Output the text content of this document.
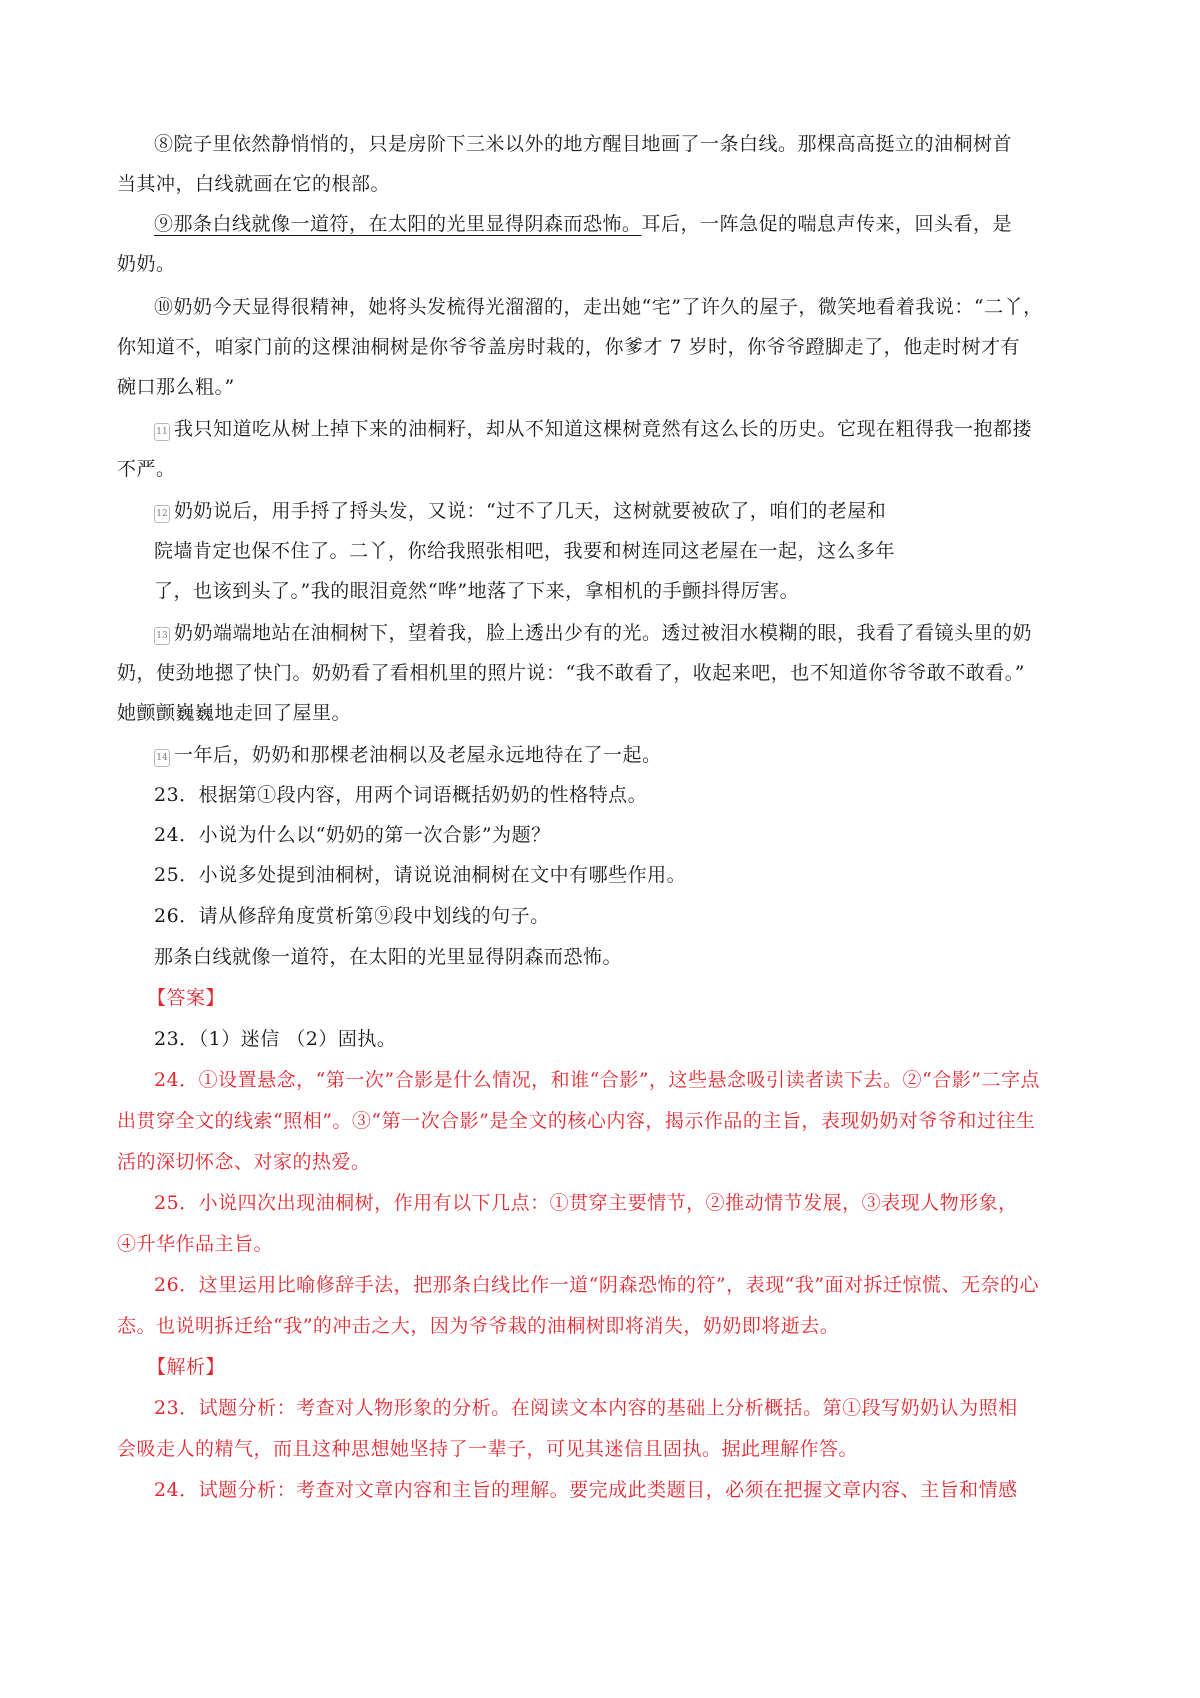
⑧院子里依然静悄悄的，只是房阶下三米以外的地方醒目地画了一条白线。那棵高高挺立的油桐树首
当其冲，白线就画在它的根部。
⑨那条白线就像一道符，在太阳的光里显得阴森而恐怖。耳后，一阵急促的喘息声传来，回头看，是
奶奶。
⑩奶奶今天显得很精神，她将头发梳得光溜溜的，走出她“宅”了许久的屋子，微笑地看着我说：“二丫，
你知道不，咱家门前的这棵油桐树是你爷爷盖房时栽的，你爹才 7 岁时，你爷爷蹬脚走了，他走时树才有
碗口那么粗。”
11 我只知道吃从树上掉下来的油桐籽，却从不知道这棵树竟然有这么长的历史。它现在粗得我一抱都搂
不严。
12 奶奶说后，用手捋了捋头发，又说：“过不了几天，这树就要被砍了，咱们的老屋和
院墙肯定也保不住了。二丫，你给我照张相吧，我要和树连同这老屋在一起，这么多年
了，也该到头了。”我的眼泪竟然“哗”地落了下来，拿相机的手颤抖得厉害。
13 奶奶端端地站在油桐树下，望着我，脸上透出少有的光。透过被泪水模糊的眼，我看了看镜头里的奶
奶，使劲地摁了快门。奶奶看了看相机里的照片说：“我不敢看了，收起来吧，也不知道你爷爷敢不敢看。”
她颤颤巍巍地走回了屋里。
14 一年后，奶奶和那棵老油桐以及老屋永远地待在了一起。
23．根据第①段内容，用两个词语概括奶奶的性格特点。
24．小说为什么以“奶奶的第一次合影”为题？
25．小说多处提到油桐树，请说说油桐树在文中有哪些作用。
26．请从修辞角度赏析第⑨段中划线的句子。
那条白线就像一道符，在太阳的光里显得阴森而恐怖。
【答案】
23．（1）迷信 （2）固执。
24．①设置悬念，“第一次”合影是什么情况，和谁“合影”，这些悬念吸引读者读下去。②“合影”二字点
出贯穿全文的线索“照相”。③“第一次合影”是全文的核心内容，揭示作品的主旨，表现奶奶对爷爷和过往生
活的深切怀念、对家的热爱。
25．小说四次出现油桐树，作用有以下几点：①贯穿主要情节，②推动情节发展，③表现人物形象，
④升华作品主旨。
26．这里运用比喻修辞手法，把那条白线比作一道“阴森恐怖的符”，表现“我”面对拆迁惊慌、无奈的心
态。也说明拆迁给“我”的冲击之大，因为爷爷栽的油桐树即将消失，奶奶即将逝去。
【解析】
23．试题分析：考查对人物形象的分析。在阅读文本内容的基础上分析概括。第①段写奶奶认为照相
会吸走人的精气，而且这种思想她坚持了一辈子，可见其迷信且固执。据此理解作答。
24．试题分析：考查对文章内容和主旨的理解。要完成此类题目，必须在把握文章内容、主旨和情感
